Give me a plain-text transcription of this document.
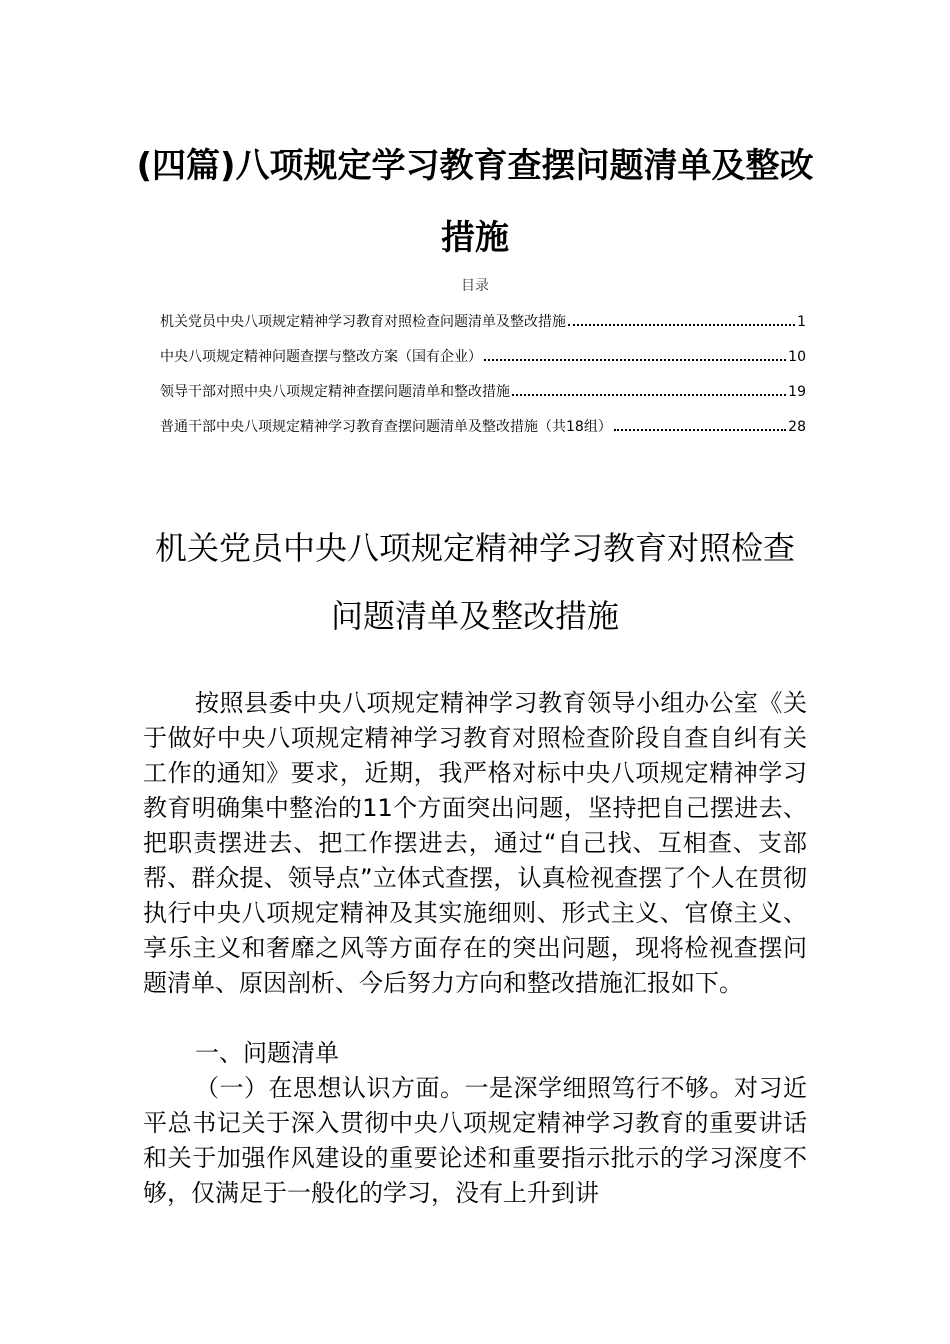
(四篇)八项规定学习教育查摆问题清单及整改措施
目录
机关党员中央八项规定精神学习教育对照检查问题清单及整改措施	1
中央八项规定精神问题查摆与整改方案（国有企业）	10
领导干部对照中央八项规定精神查摆问题清单和整改措施	19
普通干部中央八项规定精神学习教育查摆问题清单及整改措施（共18组）	28
机关党员中央八项规定精神学习教育对照检查问题清单及整改措施

按照县委中央八项规定精神学习教育领导小组办公室《关于做好中央八项规定精神学习教育对照检查阶段自查自纠有关工作的通知》要求，近期，我严格对标中央八项规定精神学习教育明确集中整治的11个方面突出问题，坚持把自己摆进去、把职责摆进去、把工作摆进去，通过“自己找、互相查、支部帮、群众提、领导点”立体式查摆，认真检视查摆了个人在贯彻执行中央八项规定精神及其实施细则、形式主义、官僚主义、享乐主义和奢靡之风等方面存在的突出问题，现将检视查摆问题清单、原因剖析、今后努力方向和整改措施汇报如下。

一、问题清单

（一）在思想认识方面。一是深学细照笃行不够。对习近平总书记关于深入贯彻中央八项规定精神学习教育的重要讲话和关于加强作风建设的重要论述和重要指示批示的学习深度不够，仅满足于一般化的学习，没有上升到讲
